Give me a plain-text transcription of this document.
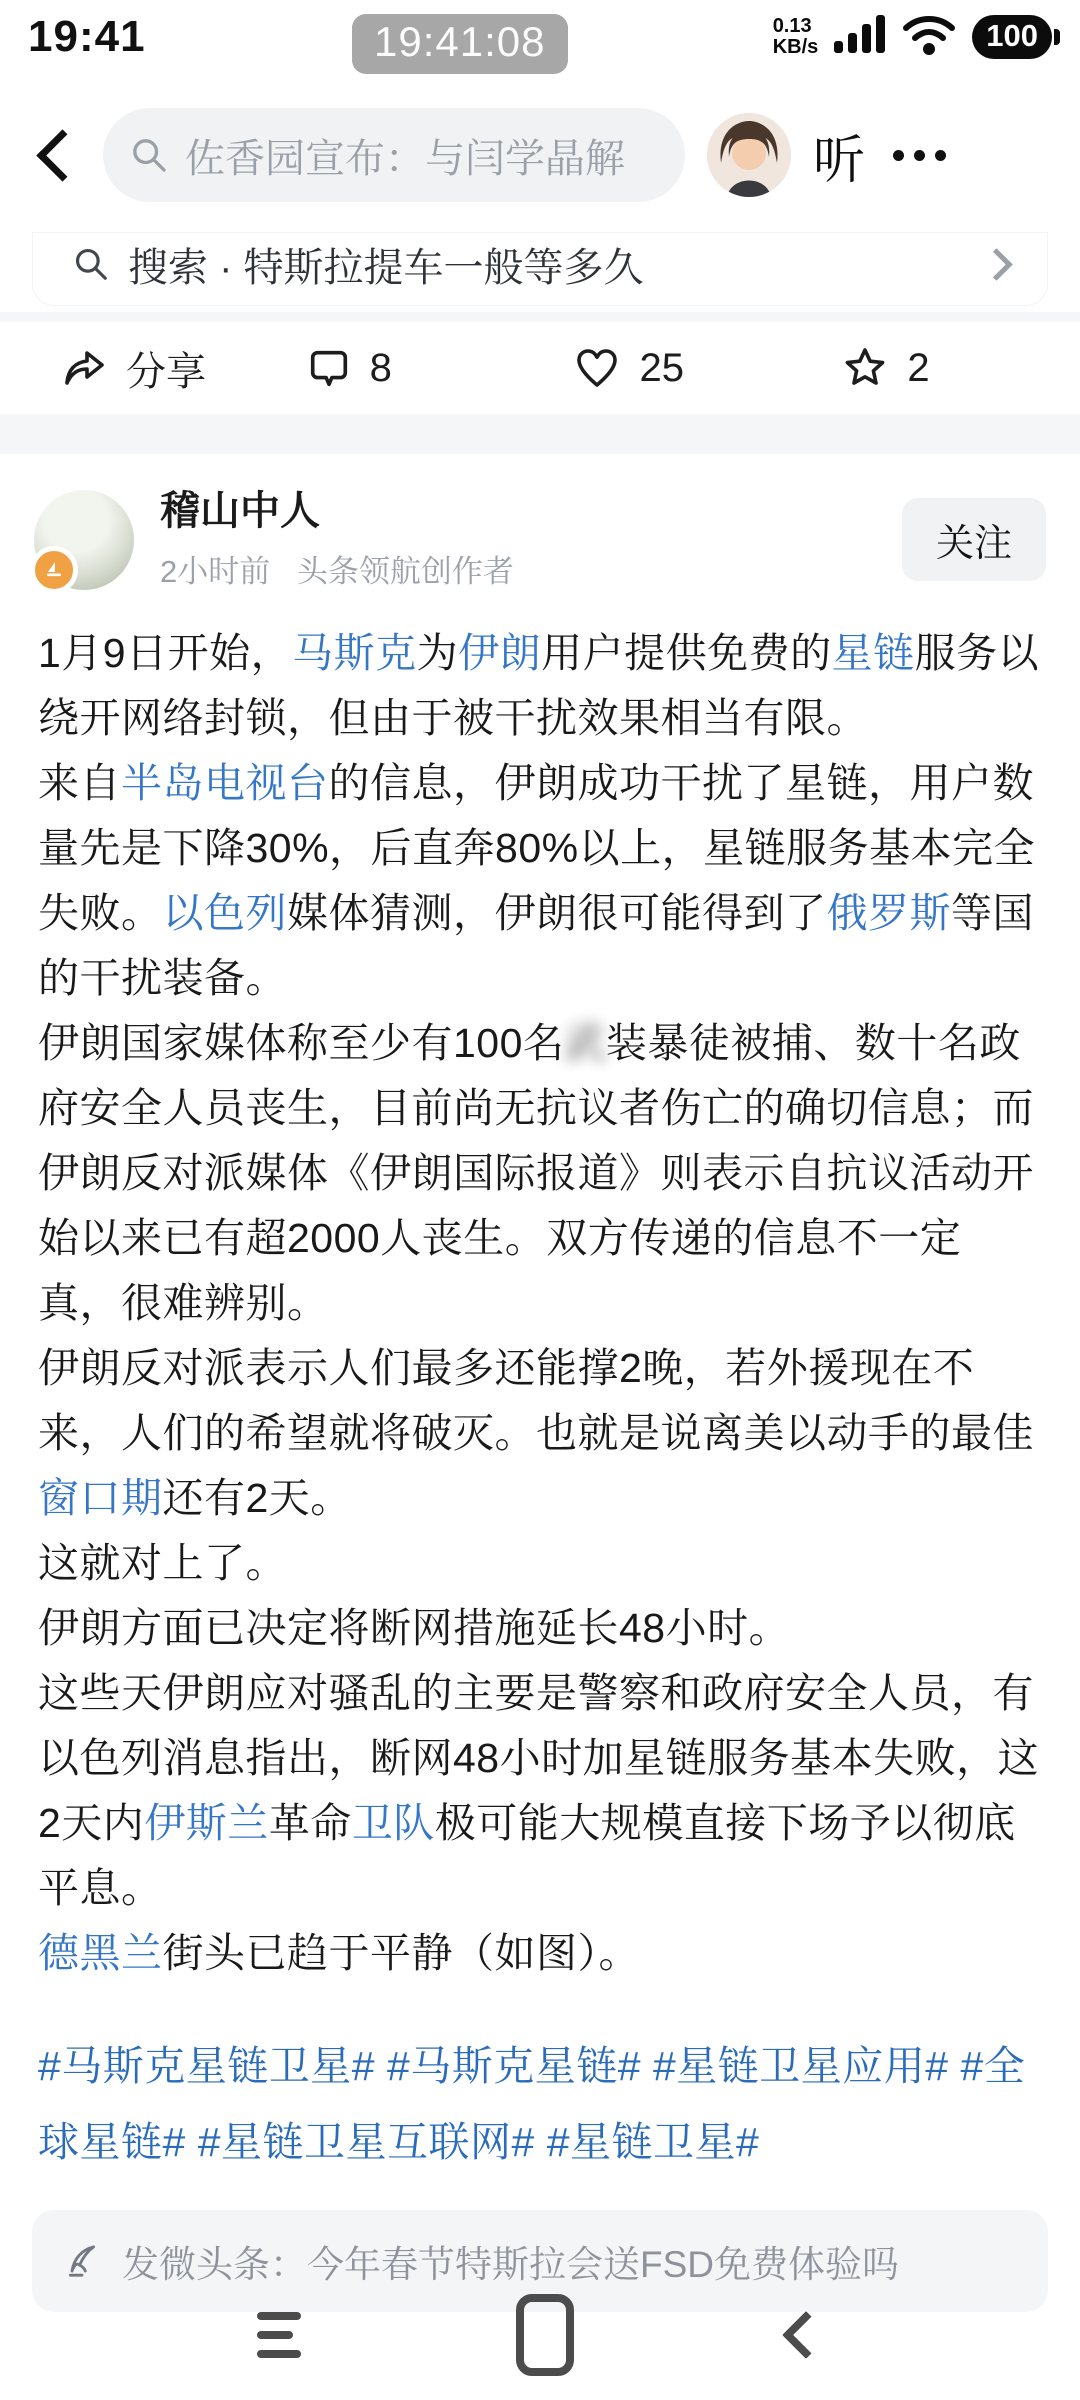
19:41	19:41:08	0.13
KB/s	100
佐香园宣布：与闫学晶解	听
搜索 · 特斯拉提车一般等多久
分享	8	25	2
稽山中人
2小时前 头条领航创作者
关注
1月9日开始，马斯克为伊朗用户提供免费的星链服务以绕开网络封锁，但由于被干扰效果相当有限。
来自半岛电视台的信息，伊朗成功干扰了星链，用户数量先是下降30%，后直奔80%以上，星链服务基本完全失败。以色列媒体猜测，伊朗很可能得到了俄罗斯等国的干扰装备。
伊朗国家媒体称至少有100名武装暴徒被捕、数十名政府安全人员丧生，目前尚无抗议者伤亡的确切信息；而伊朗反对派媒体《伊朗国际报道》则表示自抗议活动开始以来已有超2000人丧生。双方传递的信息不一定真，很难辨别。
伊朗反对派表示人们最多还能撑2晚，若外援现在不来，人们的希望就将破灭。也就是说离美以动手的最佳窗口期还有2天。
这就对上了。
伊朗方面已决定将断网措施延长48小时。
这些天伊朗应对骚乱的主要是警察和政府安全人员，有以色列消息指出，断网48小时加星链服务基本失败，这2天内伊斯兰革命卫队极可能大规模直接下场予以彻底平息。
德黑兰街头已趋于平静（如图）。
#马斯克星链卫星# #马斯克星链# #星链卫星应用# #全球星链# #星链卫星互联网# #星链卫星#
发微头条：今年春节特斯拉会送FSD免费体验吗
